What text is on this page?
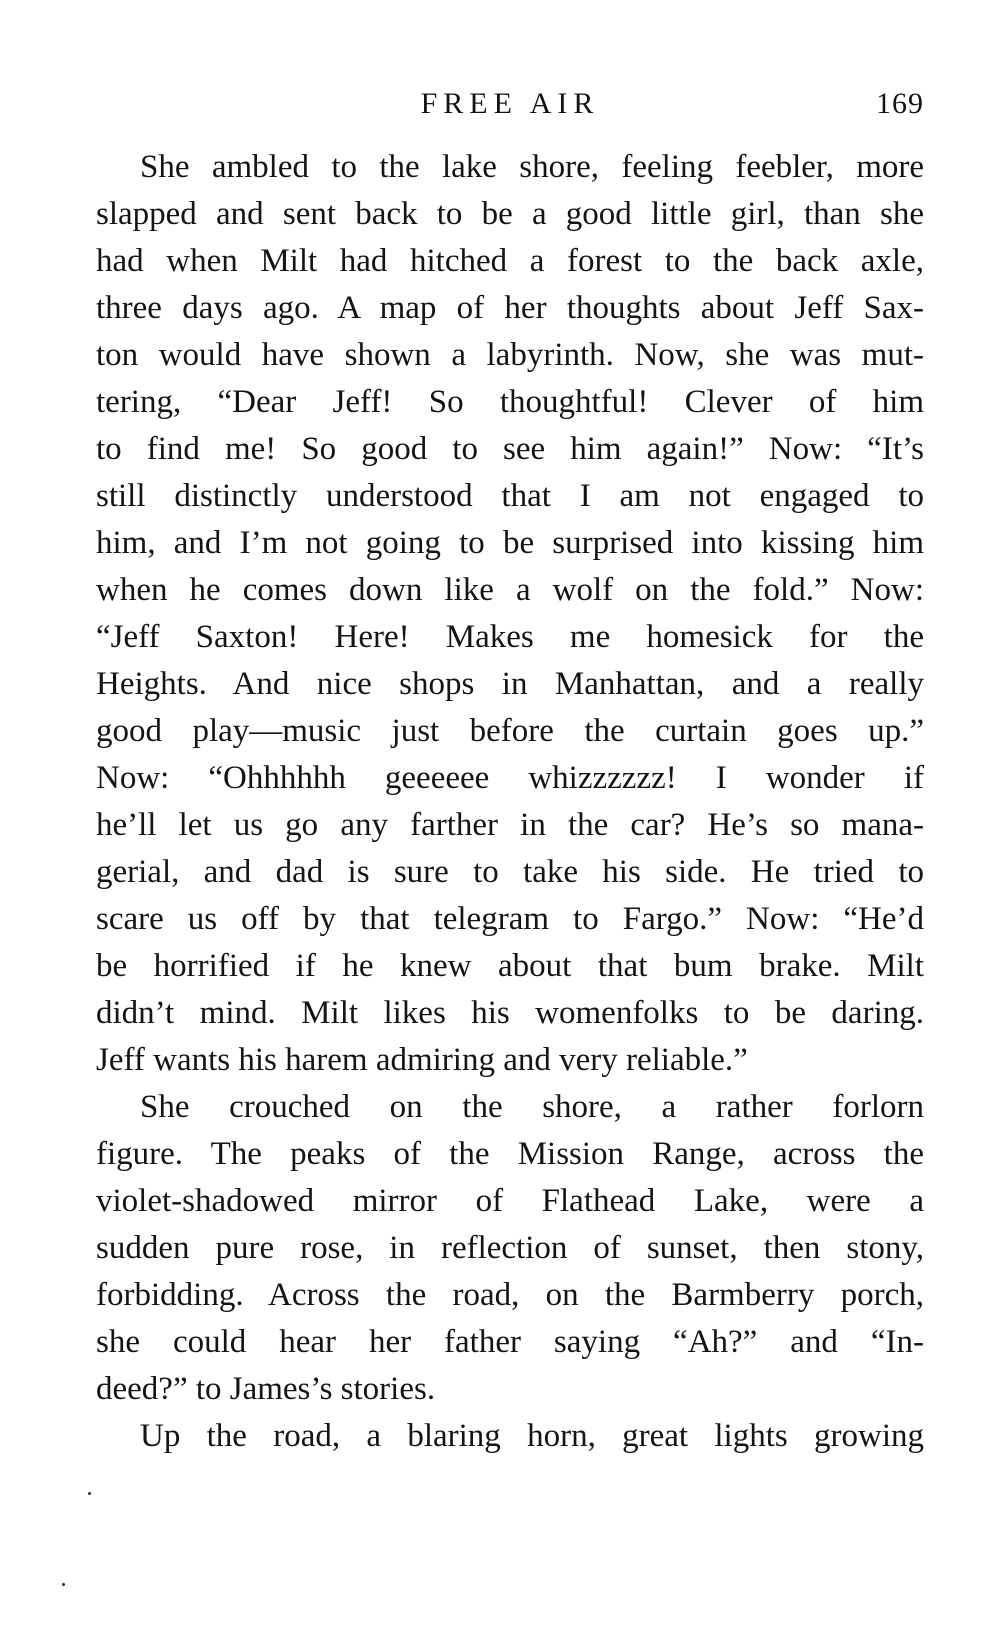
FREE AIR	169
She ambled to the lake shore, feeling feebler, more
slapped and sent back to be a good little girl, than she
had when Milt had hitched a forest to the back axle,
three days ago. A map of her thoughts about Jeff Sax-
ton would have shown a labyrinth. Now, she was mut-
tering, “Dear Jeff! So thoughtful! Clever of him
to find me! So good to see him again!” Now: “It’s
still distinctly understood that I am not engaged to
him, and I’m not going to be surprised into kissing him
when he comes down like a wolf on the fold.” Now:
“Jeff Saxton! Here! Makes me homesick for the
Heights. And nice shops in Manhattan, and a really
good play—music just before the curtain goes up.”
Now: “Ohhhhhh geeeeee whizzzzzz! I wonder if
he’ll let us go any farther in the car? He’s so mana-
gerial, and dad is sure to take his side. He tried to
scare us off by that telegram to Fargo.” Now: “He’d
be horrified if he knew about that bum brake. Milt
didn’t mind. Milt likes his womenfolks to be daring.
Jeff wants his harem admiring and very reliable.”
She crouched on the shore, a rather forlorn
figure. The peaks of the Mission Range, across the
violet-shadowed mirror of Flathead Lake, were a
sudden pure rose, in reflection of sunset, then stony,
forbidding. Across the road, on the Barmberry porch,
she could hear her father saying “Ah?” and “In-
deed?” to James’s stories.
Up the road, a blaring horn, great lights growing
